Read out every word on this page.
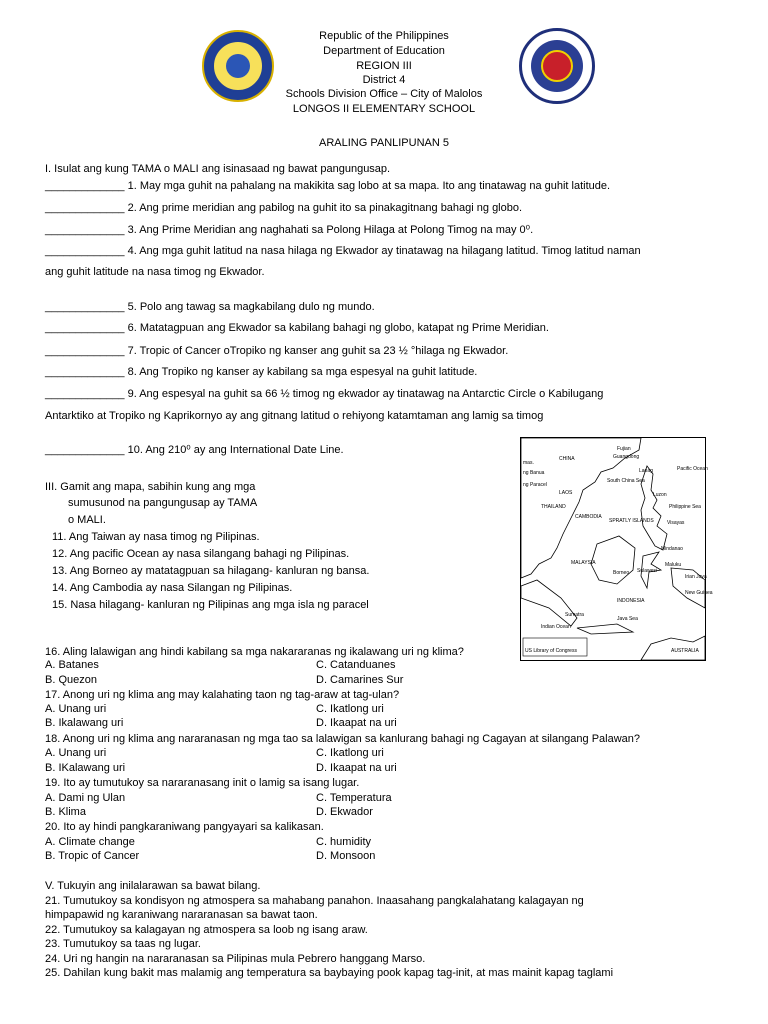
Republic of the Philippines
Department of Education
REGION III
District 4
Schools Division Office – City of Malolos
LONGOS II ELEMENTARY SCHOOL
ARALING PANLIPUNAN 5
I. Isulat ang kung TAMA o MALI ang isinasaad ng bawat pangungusap.
_____________ 1. May mga guhit na pahalang na makikita sag lobo at sa mapa. Ito ang tinatawag na guhit latitude.
_____________ 2. Ang prime meridian ang pabilog na guhit ito sa pinakagitnang bahagi ng globo.
_____________ 3. Ang Prime Meridian ang naghahati sa Polong Hilaga at Polong Timog na may 0⁰.
_____________ 4. Ang mga guhit latitud na nasa hilaga ng Ekwador ay tinatawag na hilagang latitud. Timog latitud naman
ang guhit latitude na nasa timog ng Ekwador.
_____________ 5. Polo ang tawag sa magkabilang dulo ng mundo.
_____________ 6. Matatagpuan ang Ekwador sa kabilang bahagi ng globo, katapat ng Prime Meridian.
_____________ 7. Tropic of Cancer oTropiko ng kanser ang guhit sa 23 ½ °hilaga ng Ekwador.
_____________ 8. Ang Tropiko ng kanser ay kabilang sa mga espesyal na guhit latitude.
_____________ 9. Ang espesyal na guhit sa 66 ½ timog ng ekwador ay tinatawag na Antarctic Circle o Kabilugang
Antarktiko at Tropiko ng Kaprikornyo ay ang gitnang latitud o rehiyong katamtaman ang lamig sa timog
_____________ 10. Ang 210⁰ ay ang International Date Line.
III. Gamit ang mapa, sabihin kung ang mga
sumusunod na pangungusap ay TAMA
o MALI.
11. Ang Taiwan ay nasa timog ng Pilipinas.
12. Ang pacific Ocean ay nasa silangang bahagi ng Pilipinas.
13. Ang Borneo ay matatagpuan sa hilagang- kanluran ng bansa.
14. Ang Cambodia ay nasa Silangan ng Pilipinas.
15. Nasa hilagang- kanluran ng Pilipinas ang mga isla ng paracel
Fujian
Guangdong
mas.
CHINA
ng Banua
ng Paracel
South China Sea
Laoag	Pacific Ocean
LAOS
THAILAND
CAMBODIA
Luzon
Philippine Sea
SPRATLY ISLANDS	Visayas
MALAYSIA
Borneo
Mindanao
Sulawesi
Maluku
Irian Jaya
New Guinea
INDONESIA
Sumatra
Java Sea
Indian Ocean
AUSTRALIA
US Library of Congress
16. Aling lalawigan ang hindi kabilang sa mga nakararanas ng ikalawang uri ng klima?
A. Batanes	C. Catanduanes
B. Quezon	D. Camarines Sur
17. Anong uri ng klima ang may kalahating taon ng tag-araw at tag-ulan?
A. Unang uri	C. Ikatlong uri
B. Ikalawang uri	D. Ikaapat na uri
18. Anong uri ng klima ang nararanasan ng mga tao sa lalawigan sa kanlurang bahagi ng Cagayan at silangang Palawan?
A. Unang uri	C. Ikatlong uri
B. IKalawang uri	D. Ikaapat na uri
19. Ito ay tumutukoy sa nararanasang init o lamig sa isang lugar.
A. Dami ng Ulan	C. Temperatura
B. Klima	D. Ekwador
20. Ito ay hindi pangkaraniwang pangyayari sa kalikasan.
A. Climate change	C. humidity
B. Tropic of Cancer	D. Monsoon
V. Tukuyin ang inilalarawan sa bawat bilang.
21. Tumutukoy sa kondisyon ng atmospera sa mahabang panahon. Inaasahang pangkalahatang kalagayan ng
himpapawid ng karaniwang nararanasan sa bawat taon.
22. Tumutukoy sa kalagayan ng atmospera sa loob ng isang araw.
23. Tumutukoy sa taas ng lugar.
24. Uri ng hangin na nararanasan sa Pilipinas mula Pebrero hanggang Marso.
25. Dahilan kung bakit mas malamig ang temperatura sa baybaying pook kapag tag-init, at mas mainit kapag taglami
